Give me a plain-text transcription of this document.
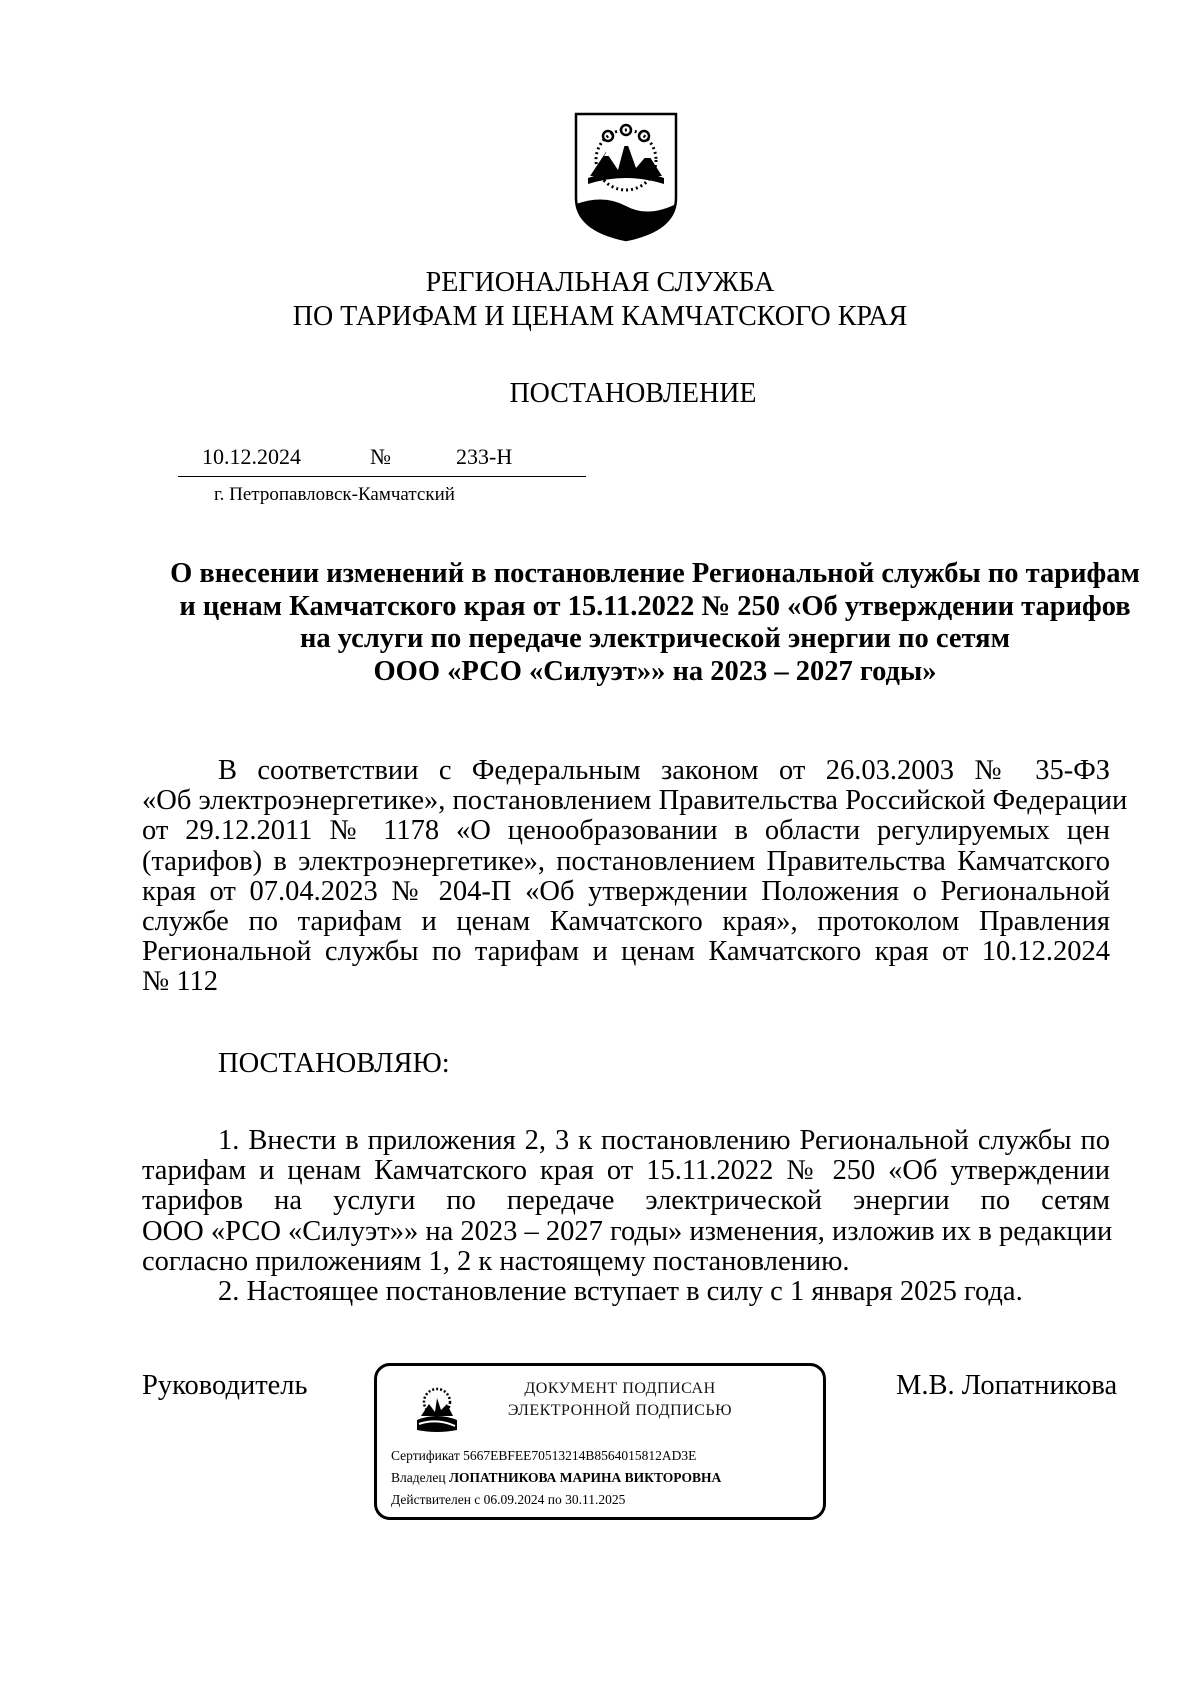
РЕГИОНАЛЬНАЯ СЛУЖБА
ПО ТАРИФАМ И ЦЕНАМ КАМЧАТСКОГО КРАЯ
ПОСТАНОВЛЕНИЕ
10.12.2024	№	233-Н
г. Петропавловск-Камчатский
О внесении изменений в постановление Региональной службы по тарифам
и ценам Камчатского края от 15.11.2022 № 250 «Об утверждении тарифов
на услуги по передаче электрической энергии по сетям
ООО «РСО «Силуэт»» на 2023 – 2027 годы»
В соответствии с Федеральным законом от 26.03.2003 № 35-ФЗ
«Об электроэнергетике», постановлением Правительства Российской Федерации
от 29.12.2011 № 1178 «О ценообразовании в области регулируемых цен
(тарифов) в электроэнергетике», постановлением Правительства Камчатского
края от 07.04.2023 № 204-П «Об утверждении Положения о Региональной
службе по тарифам и ценам Камчатского края», протоколом Правления
Региональной службы по тарифам и ценам Камчатского края от 10.12.2024
№ 112
ПОСТАНОВЛЯЮ:
1. Внести в приложения 2, 3 к постановлению Региональной службы по
тарифам и ценам Камчатского края от 15.11.2022 № 250 «Об утверждении
тарифов на услуги по передаче электрической энергии по сетям
ООО «РСО «Силуэт»» на 2023 – 2027 годы» изменения, изложив их в редакции
согласно приложениям 1, 2 к настоящему постановлению.
2. Настоящее постановление вступает в силу с 1 января 2025 года.
Руководитель	М.В. Лопатникова
ДОКУМЕНТ ПОДПИСАН
ЭЛЕКТРОННОЙ ПОДПИСЬЮ
Сертификат 5667EBFEE70513214B8564015812AD3E
Владелец ЛОПАТНИКОВА МАРИНА ВИКТОРОВНА
Действителен с 06.09.2024 по 30.11.2025
